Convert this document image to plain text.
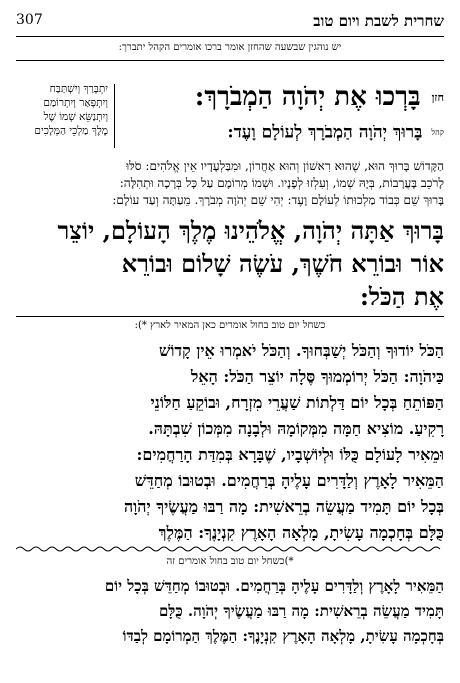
307	שחרית לשבת ויום טוב
יש נוהגין שבשעה שהחזן אומר ברכו אומרים הקהל יתברך:
יִתְבָּרַךְ וְיִשְׁתַּבַּח
וְיִתְפָּאַר וְיִתְרוֹמַם
וְיִתְנַשֵּׂא שְׁמוֹ שֶׁל
מֶלֶךְ מַלְכֵי הַמְּלָכִים
חזן בָּרְכוּ אֶת יְהֹוָה הַמְבֹרָךְ:
קהל בָּרוּךְ יְהֹוָה הַמְבֹרָךְ לְעוֹלָם וָעֶד:
הַקָּדוֹשׁ בָּרוּךְ הוּא, שֶׁהוּא רִאשׁוֹן וְהוּא אַחֲרוֹן, וּמִבַּלְעָדָיו אֵין אֱלֹהִים: סֹלּוּ
לָרֹכֵב בָּעֲרָבוֹת, בְּיָהּ שְׁמוֹ, וְעִלְזוּ לְפָנָיו. וּשְׁמוֹ מְרוֹמָם עַל כָּל בְּרָכָה וּתְהִלָּה:
בָּרוּךְ שֵׁם כְּבוֹד מַלְכוּתוֹ לְעוֹלָם וָעֶד: יְהִי שֵׁם יְהֹוָה מְבֹרָךְ. מֵעַתָּה וְעַד עוֹלָם:
בָּרוּךְ אַתָּה יְהֹוָה, אֱלֹהֵינוּ מֶלֶךְ הָעוֹלָם, יוֹצֵר
אוֹר וּבוֹרֵא חֹשֶׁךְ, עֹשֶׂה שָׁלוֹם וּבוֹרֵא
אֶת הַכֹּל:
כשחל יום טוב בחול אומרים כאן המאיר לארץ *):
הַכֹּל יוֹדוּךָ וְהַכֹּל יְשַׁבְּחוּךָ. וְהַכֹּל יֹאמְרוּ אֵין קָדוֹשׁ
כַּיהֹוָה: הַכֹּל יְרוֹמְמוּךָ סֶּלָה יוֹצֵר הַכֹּל: הָאֵל
הַפּוֹתֵחַ בְּכָל יוֹם דַּלְתוֹת שַׁעֲרֵי מִזְרָח, וּבוֹקֵעַ חַלּוֹנֵי
רָקִיעַ. מוֹצִיא חַמָּה מִמְּקוֹמָהּ וּלְבָנָה מִמְּכוֹן שִׁבְתָּהּ.
וּמֵאִיר לָעוֹלָם כֻּלּוֹ וּלְיוֹשְׁבָיו, שֶׁבָּרָא בְּמִדַּת הָרַחֲמִים:
הַמֵּאִיר לָאָרֶץ וְלַדָּרִים עָלֶיהָ בְּרַחֲמִים. וּבְטוּבוֹ מְחַדֵּשׁ
בְּכָל יוֹם תָּמִיד מַעֲשֵׂה בְרֵאשִׁית: מָה רַבּוּ מַעֲשֶׂיךָ יְהֹוָה
כֻּלָּם בְּחָכְמָה עָשִׂיתָ, מָלְאָה הָאָרֶץ קִנְיָנֶךָ: הַמֶּלֶךְ
*)כשחל יום טוב בחול אומרים זה
הַמֵּאִיר לָאָרֶץ וְלַדָּרִים עָלֶיהָ בְּרַחֲמִים. וּבְטוּבוֹ מְחַדֵּשׁ בְּכָל יוֹם
תָּמִיד מַעֲשֵׂה בְרֵאשִׁית: מָה רַבּוּ מַעֲשֶׂיךָ יְהֹוָה. כֻּלָּם
בְּחָכְמָה עָשִׂיתָ, מָלְאָה הָאָרֶץ קִנְיָנֶךָ: הַמֶּלֶךְ הַמְרוֹמָם לְבַדּוֹ
